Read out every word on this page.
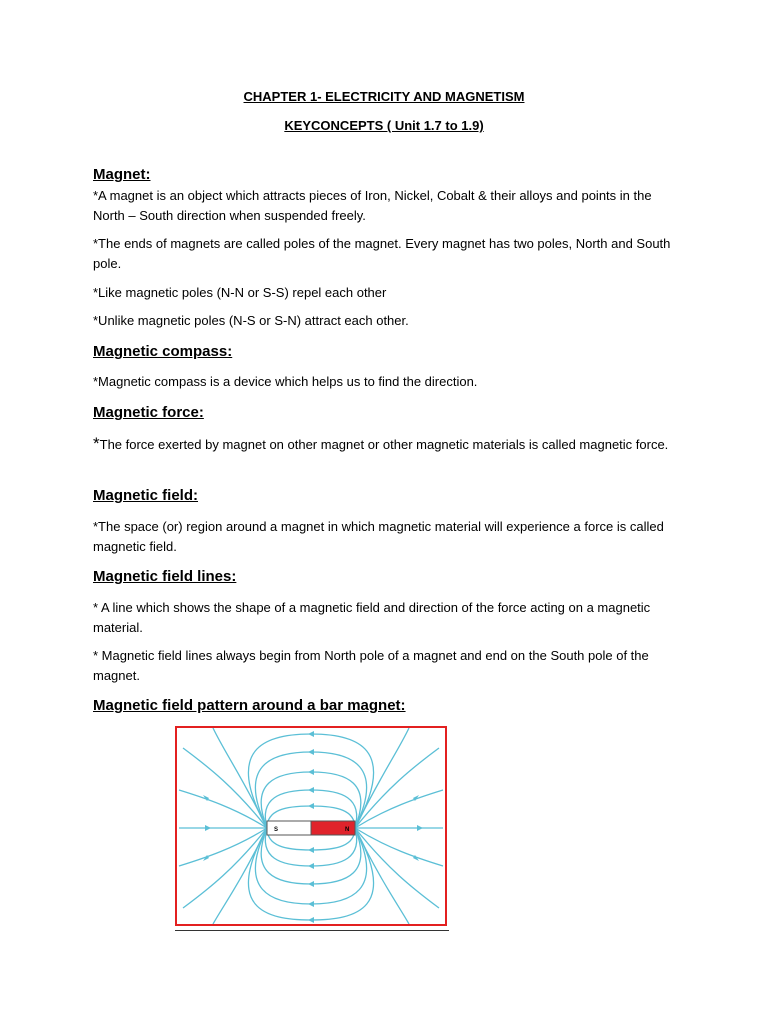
CHAPTER 1- ELECTRICITY AND MAGNETISM
KEYCONCEPTS ( Unit 1.7 to 1.9)
Magnet:
*A magnet is an object which attracts pieces of Iron, Nickel, Cobalt & their alloys and points in the North – South direction when suspended freely.
*The ends of magnets are called poles of the magnet. Every magnet has two poles, North and South pole.
*Like magnetic poles (N-N or S-S) repel each other
*Unlike magnetic poles (N-S or S-N) attract each other.
Magnetic compass:
*Magnetic compass is a device which helps us to find the direction.
Magnetic force:
*The force exerted by magnet on other magnet or other magnetic materials is called magnetic force.
Magnetic field:
*The space (or) region around a magnet in which magnetic material will experience a force is called magnetic field.
Magnetic field lines:
* A line which shows the shape of a magnetic field and direction of the force acting on a magnetic material.
* Magnetic field lines always begin from North pole of a magnet and end on the South pole of the magnet.
Magnetic field pattern around a bar magnet:
S	N
